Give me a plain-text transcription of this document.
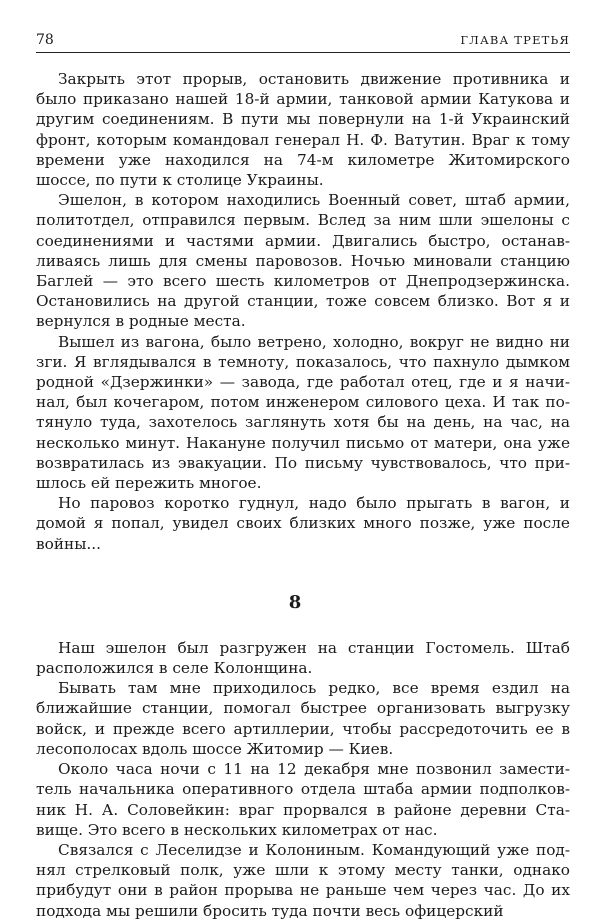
78	ГЛАВА ТРЕТЬЯ

Закрыть этот прорыв, остановить движение противника и было приказано нашей 18-й армии, танковой армии Катукова и другим соединениям. В пути мы повернули на 1-й Украинский фронт, которым командовал генерал Н. Ф. Ватутин. Враг к тому времени уже находился на 74-м километре Житомирского шоссе, по пути к столице Украины.

Эшелон, в котором находились Военный совет, штаб армии, политотдел, отправился первым. Вслед за ним шли эшелоны с соединениями и частями армии. Двигались быстро, останавливаясь лишь для смены паровозов. Ночью миновали станцию Баглей — это всего шесть километров от Днепродзержинска. Остановились на другой станции, тоже совсем близко. Вот я и вернулся в родные места.

Вышел из вагона, было ветрено, холодно, вокруг не видно ни зги. Я вглядывался в темноту, показалось, что пахнуло дымком родной «Дзержинки» — завода, где работал отец, где и я начинал, был кочегаром, потом инженером силового цеха. И так потянуло туда, захотелось заглянуть хотя бы на день, на час, на несколько минут. Накануне получил письмо от матери, она уже возвратилась из эвакуации. По письму чувствовалось, что пришлось ей пережить многое.

Но паровоз коротко гуднул, надо было прыгать в вагон, и домой я попал, увидел своих близких много позже, уже после войны...

8

Наш эшелон был разгружен на станции Гостомель. Штаб расположился в селе Колонщина.

Бывать там мне приходилось редко, все время ездил на ближайшие станции, помогал быстрее организовать выгрузку войск, и прежде всего артиллерии, чтобы рассредоточить ее в лесополосах вдоль шоссе Житомир — Киев.

Около часа ночи с 11 на 12 декабря мне позвонил заместитель начальника оперативного отдела штаба армии подполковник Н. А. Соловейкин: враг прорвался в районе деревни Ставище. Это всего в нескольких километрах от нас.

Связался с Леселидзе и Колониным. Командующий уже поднял стрелковый полк, уже шли к этому месту танки, однако прибудут они в район прорыва не раньше чем через час. До их подхода мы решили бросить туда почти весь офицерский
